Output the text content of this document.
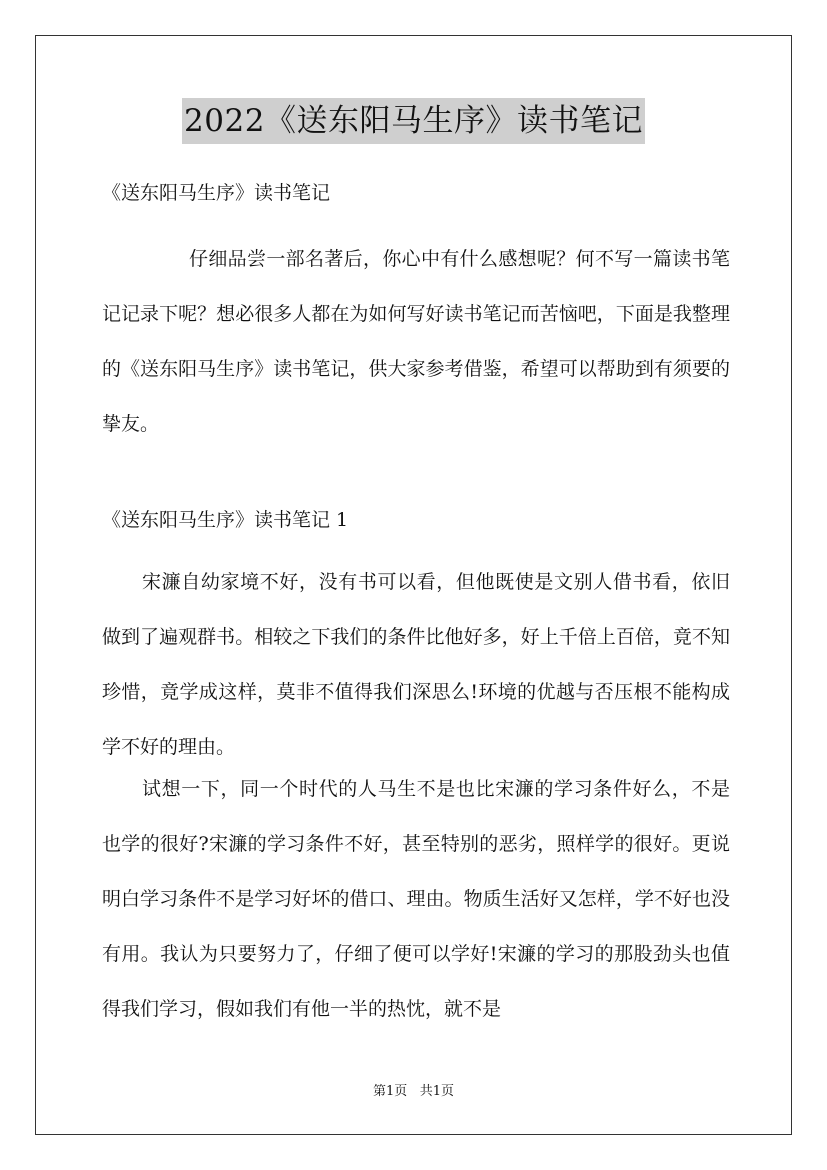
2022《送东阳马生序》读书笔记
《送东阳马生序》读书笔记
仔细品尝一部名著后，你心中有什么感想呢？何不写一篇读书笔记记录下呢？想必很多人都在为如何写好读书笔记而苦恼吧，下面是我整理的《送东阳马生序》读书笔记，供大家参考借鉴，希望可以帮助到有须要的挚友。
《送东阳马生序》读书笔记 1
宋濂自幼家境不好，没有书可以看，但他既使是文别人借书看，依旧做到了遍观群书。相较之下我们的条件比他好多，好上千倍上百倍，竟不知珍惜，竟学成这样，莫非不值得我们深思么!环境的优越与否压根不能构成学不好的理由。
试想一下，同一个时代的人马生不是也比宋濂的学习条件好么，不是也学的很好?宋濂的学习条件不好，甚至特别的恶劣，照样学的很好。更说明白学习条件不是学习好坏的借口、理由。物质生活好又怎样，学不好也没有用。我认为只要努力了，仔细了便可以学好!宋濂的学习的那股劲头也值得我们学习，假如我们有他一半的热忱，就不是
第1页 共1页
